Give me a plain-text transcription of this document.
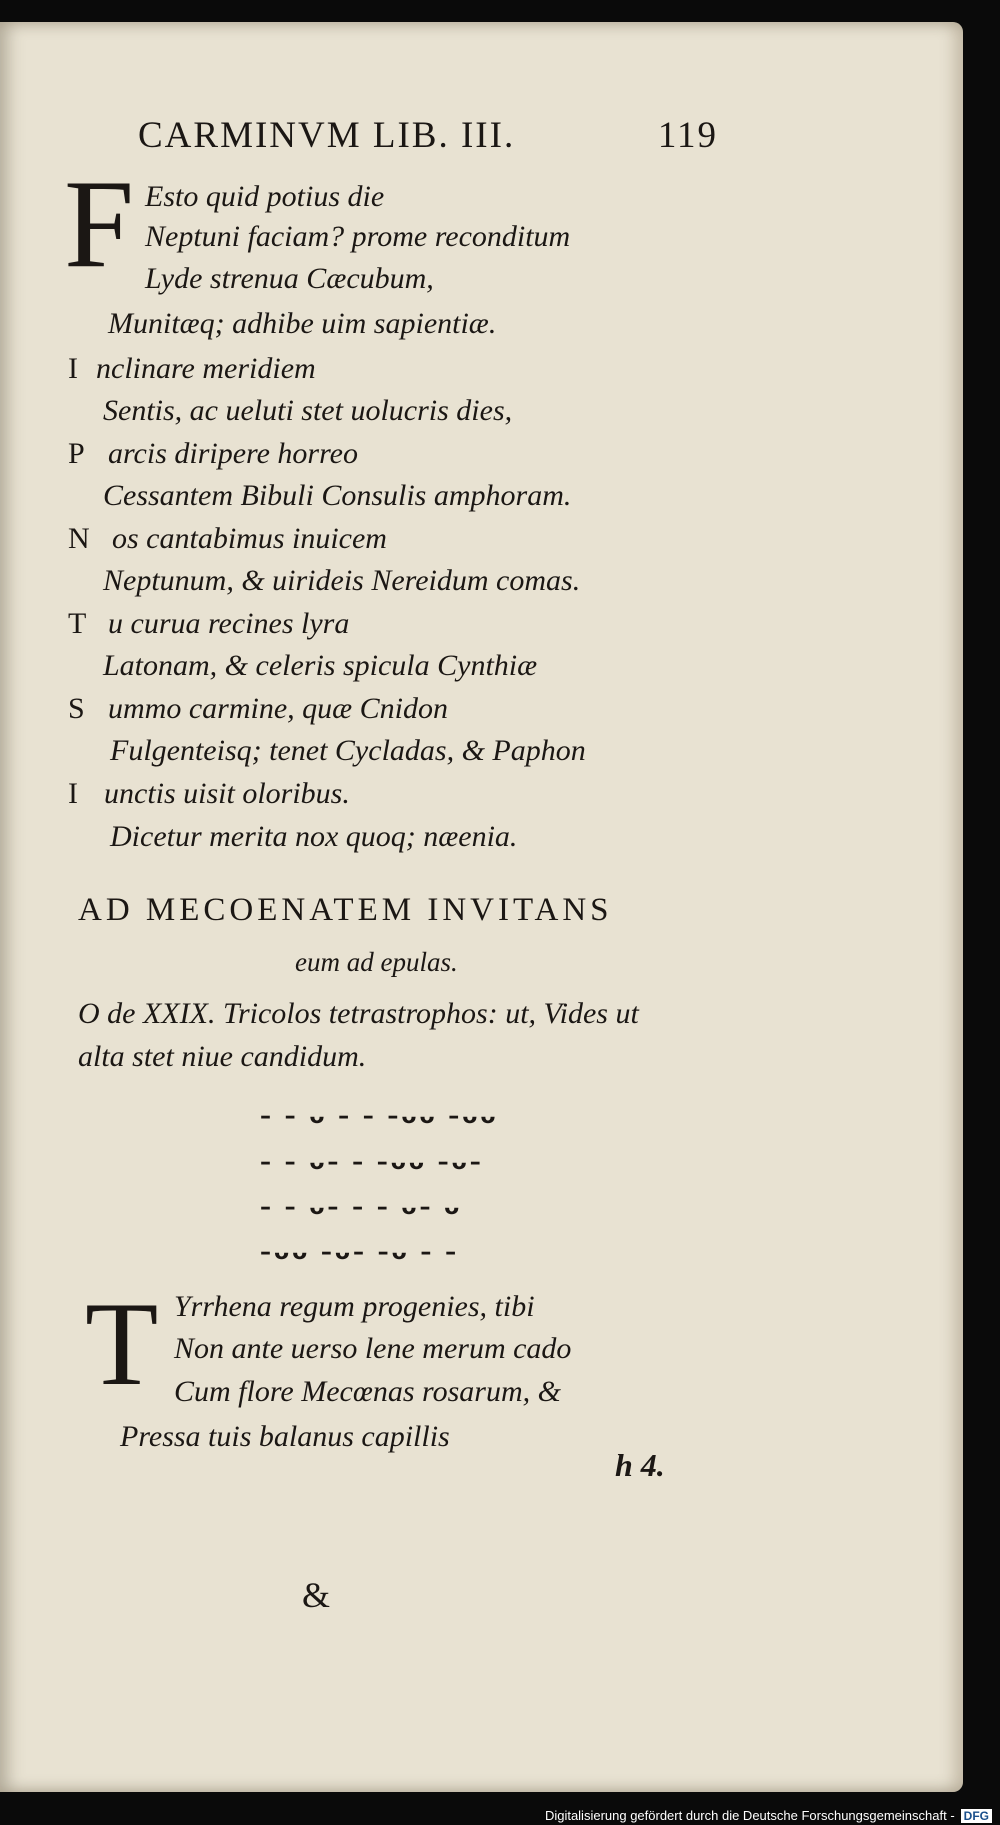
CARMINVM LIB. III.	119
F Esto quid potius die
Neptuni faciam? prome reconditum
Lyde strenua Cæcubum,
Munitæq; adhibe uim sapientiæ.
I nclinare meridiem
Sentis, ac ueluti stet uolucris dies,
P arcis diripere horreo
Cessantem Bibuli Consulis amphoram.
N os cantabimus inuicem
Neptunum, & uirideis Nereidum comas.
T u curua recines lyra
Latonam, & celeris spicula Cynthiæ
S ummo carmine, quæ Cnidon
Fulgenteisq; tenet Cycladas, & Paphon
I unctis uisit oloribus.
Dicetur merita nox quoq; næenia.
AD MECOENATEM INVITANS
eum ad epulas.
O de XXIX. Tricolos tetrastrophos: ut, Vides ut
alta stet niue candidum.
– – ᴗ – – –ᴗᴗ –ᴗᴗ
– – ᴗ– – –ᴗᴗ –ᴗ–
– – ᴗ– – – ᴗ– ᴗ
–ᴗᴗ –ᴗ– –ᴗ – –
T Yrrhena regum progenies, tibi
Non ante uerso lene merum cado
Cum flore Mecœnas rosarum, &
Pressa tuis balanus capillis
h 4.
&
Digitalisierung gefördert durch die Deutsche Forschungsgemeinschaft - DFG
